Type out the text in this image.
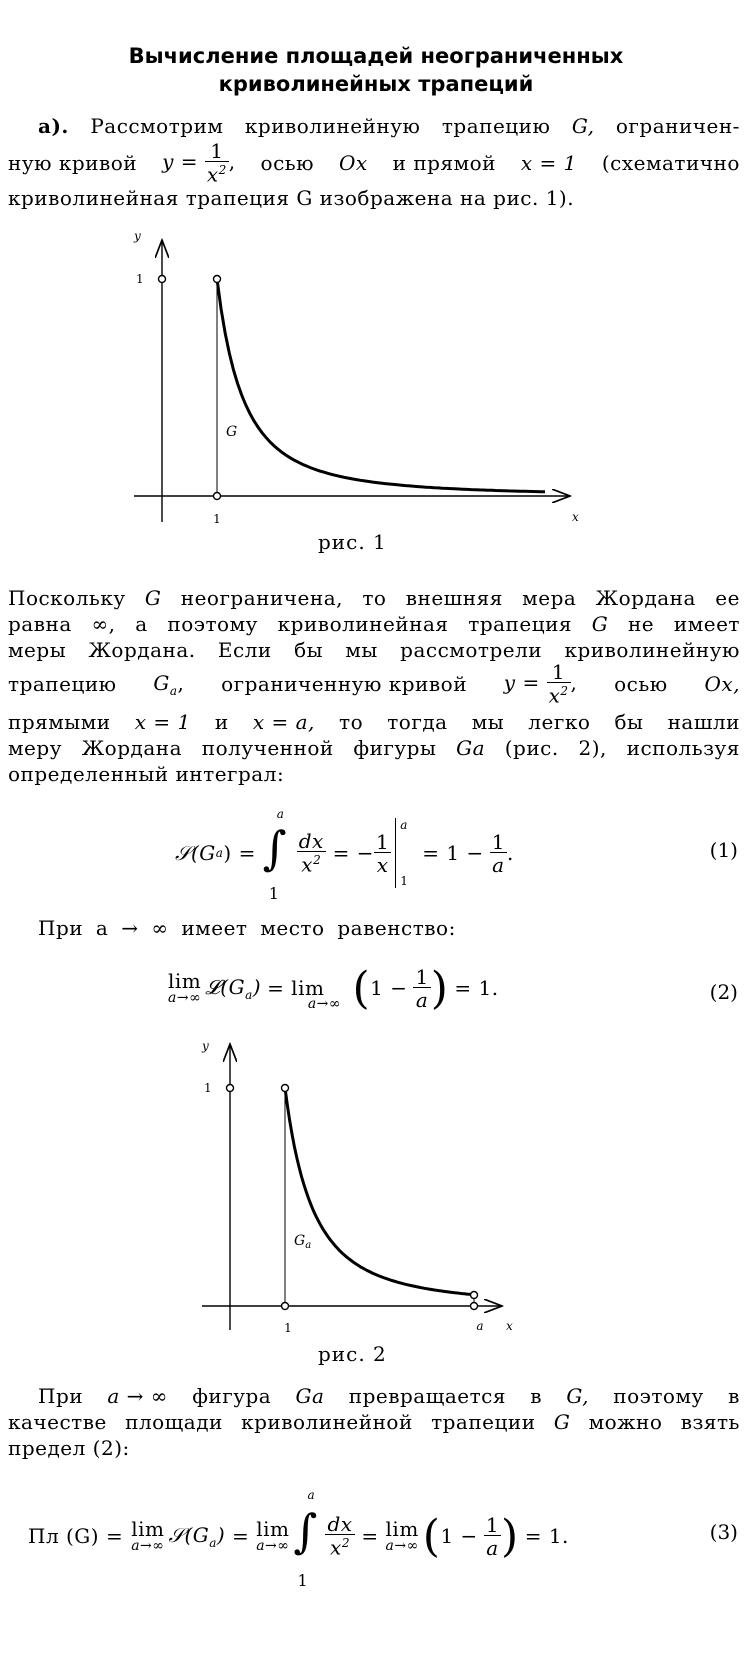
Вычисление площадей неограниченных
криволинейных трапеций
а). Рассмотрим криволинейную трапецию G, ограничен-
ную кривой $y = \frac{1}{x^2}$ , осью Ox и прямой x = 1 (схематично
криволинейная трапеция G изображена на рис. 1).
y
1
1	x
G
рис. 1
Поскольку G неограничена, то внешняя мера Жордана ее
равна ∞, а поэтому криволинейная трапеция G не имеет
меры Жордана. Если бы мы рассмотрели криволинейную
трапецию $G_a$, ограниченную кривой $y = \frac{1}{x^2}$ , осью Ox,
прямыми x = 1 и x = a, то тогда мы легко бы нашли
меру Жордана полученной фигуры Ga (рис. 2), используя
определенный интеграл:
𝒮(G a ) =
a
∫
1
$\frac{dx}{x^2}$ = − $\frac{1}{x}$
a
1
= $1 - \frac{1}{a}$ .	(1)
При a → ∞ имеет место равенство:
lim
a→∞ $𝓛(G_a) = \lim$
a→∞ ( $1 - \frac{1}{a}$ ) = 1.	(2)
y
1
1	a x
$G_a$
рис. 2
При a → ∞ фигура Ga превращается в G, поэтому в
качестве площади криволинейной трапеции G можно взять
предел (2):
Пл (G) = lim
a→∞ $𝒮(G_a) = \lim$
a→∞
a
∫
1
$\frac{dx}{x^2} = \lim$
a→∞ ( $1 - \frac{1}{a}$ ) = 1.	(3)
